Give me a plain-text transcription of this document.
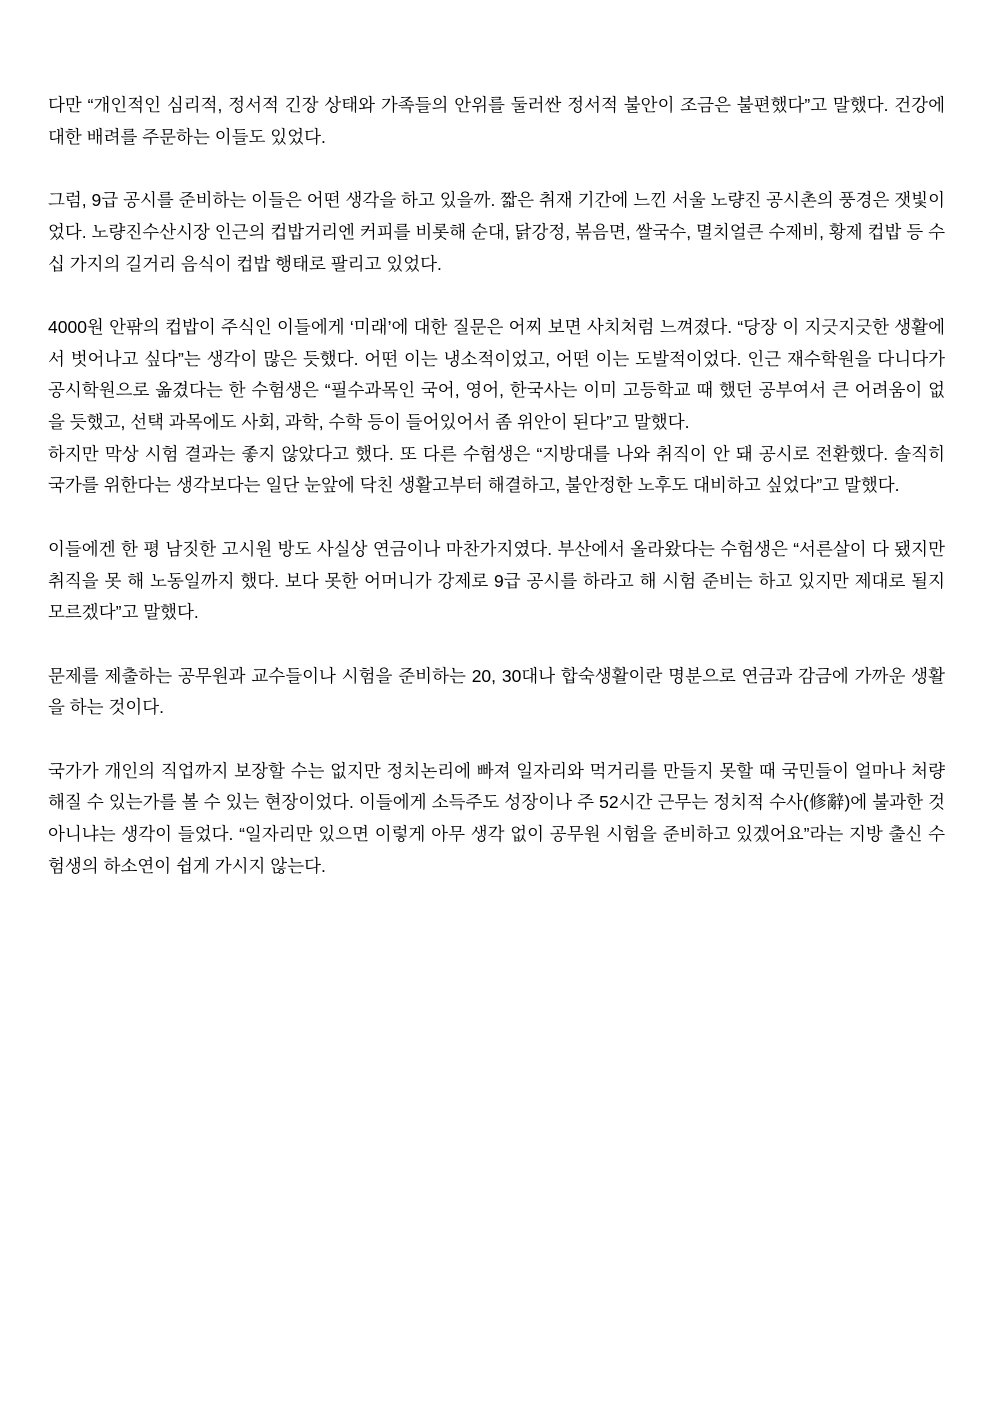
다만 “개인적인 심리적, 정서적 긴장 상태와 가족들의 안위를 둘러싼 정서적 불안이 조금은 불편했다”고 말했다. 건강에 대한 배려를 주문하는 이들도 있었다.

그럼, 9급 공시를 준비하는 이들은 어떤 생각을 하고 있을까. 짧은 취재 기간에 느낀 서울 노량진 공시촌의 풍경은 잿빛이었다. 노량진수산시장 인근의 컵밥거리엔 커피를 비롯해 순대, 닭강정, 볶음면, 쌀국수, 멸치얼큰 수제비, 황제 컵밥 등 수십 가지의 길거리 음식이 컵밥 행태로 팔리고 있었다.

4000원 안팎의 컵밥이 주식인 이들에게 ‘미래’에 대한 질문은 어찌 보면 사치처럼 느껴졌다. “당장 이 지긋지긋한 생활에서 벗어나고 싶다”는 생각이 많은 듯했다. 어떤 이는 냉소적이었고, 어떤 이는 도발적이었다. 인근 재수학원을 다니다가 공시학원으로 옮겼다는 한 수험생은 “필수과목인 국어, 영어, 한국사는 이미 고등학교 때 했던 공부여서 큰 어려움이 없을 듯했고, 선택 과목에도 사회, 과학, 수학 등이 들어있어서 좀 위안이 된다”고 말했다.

하지만 막상 시험 결과는 좋지 않았다고 했다. 또 다른 수험생은 “지방대를 나와 취직이 안 돼 공시로 전환했다. 솔직히 국가를 위한다는 생각보다는 일단 눈앞에 닥친 생활고부터 해결하고, 불안정한 노후도 대비하고 싶었다”고 말했다.

이들에겐 한 평 남짓한 고시원 방도 사실상 연금이나 마찬가지였다. 부산에서 올라왔다는 수험생은 “서른살이 다 됐지만 취직을 못 해 노동일까지 했다. 보다 못한 어머니가 강제로 9급 공시를 하라고 해 시험 준비는 하고 있지만 제대로 될지 모르겠다”고 말했다.

문제를 제출하는 공무원과 교수들이나 시험을 준비하는 20, 30대나 합숙생활이란 명분으로 연금과 감금에 가까운 생활을 하는 것이다.

국가가 개인의 직업까지 보장할 수는 없지만 정치논리에 빠져 일자리와 먹거리를 만들지 못할 때 국민들이 얼마나 처량해질 수 있는가를 볼 수 있는 현장이었다. 이들에게 소득주도 성장이나 주 52시간 근무는 정치적 수사(修辭)에 불과한 것 아니냐는 생각이 들었다. “일자리만 있으면 이렇게 아무 생각 없이 공무원 시험을 준비하고 있겠어요”라는 지방 출신 수험생의 하소연이 쉽게 가시지 않는다.
